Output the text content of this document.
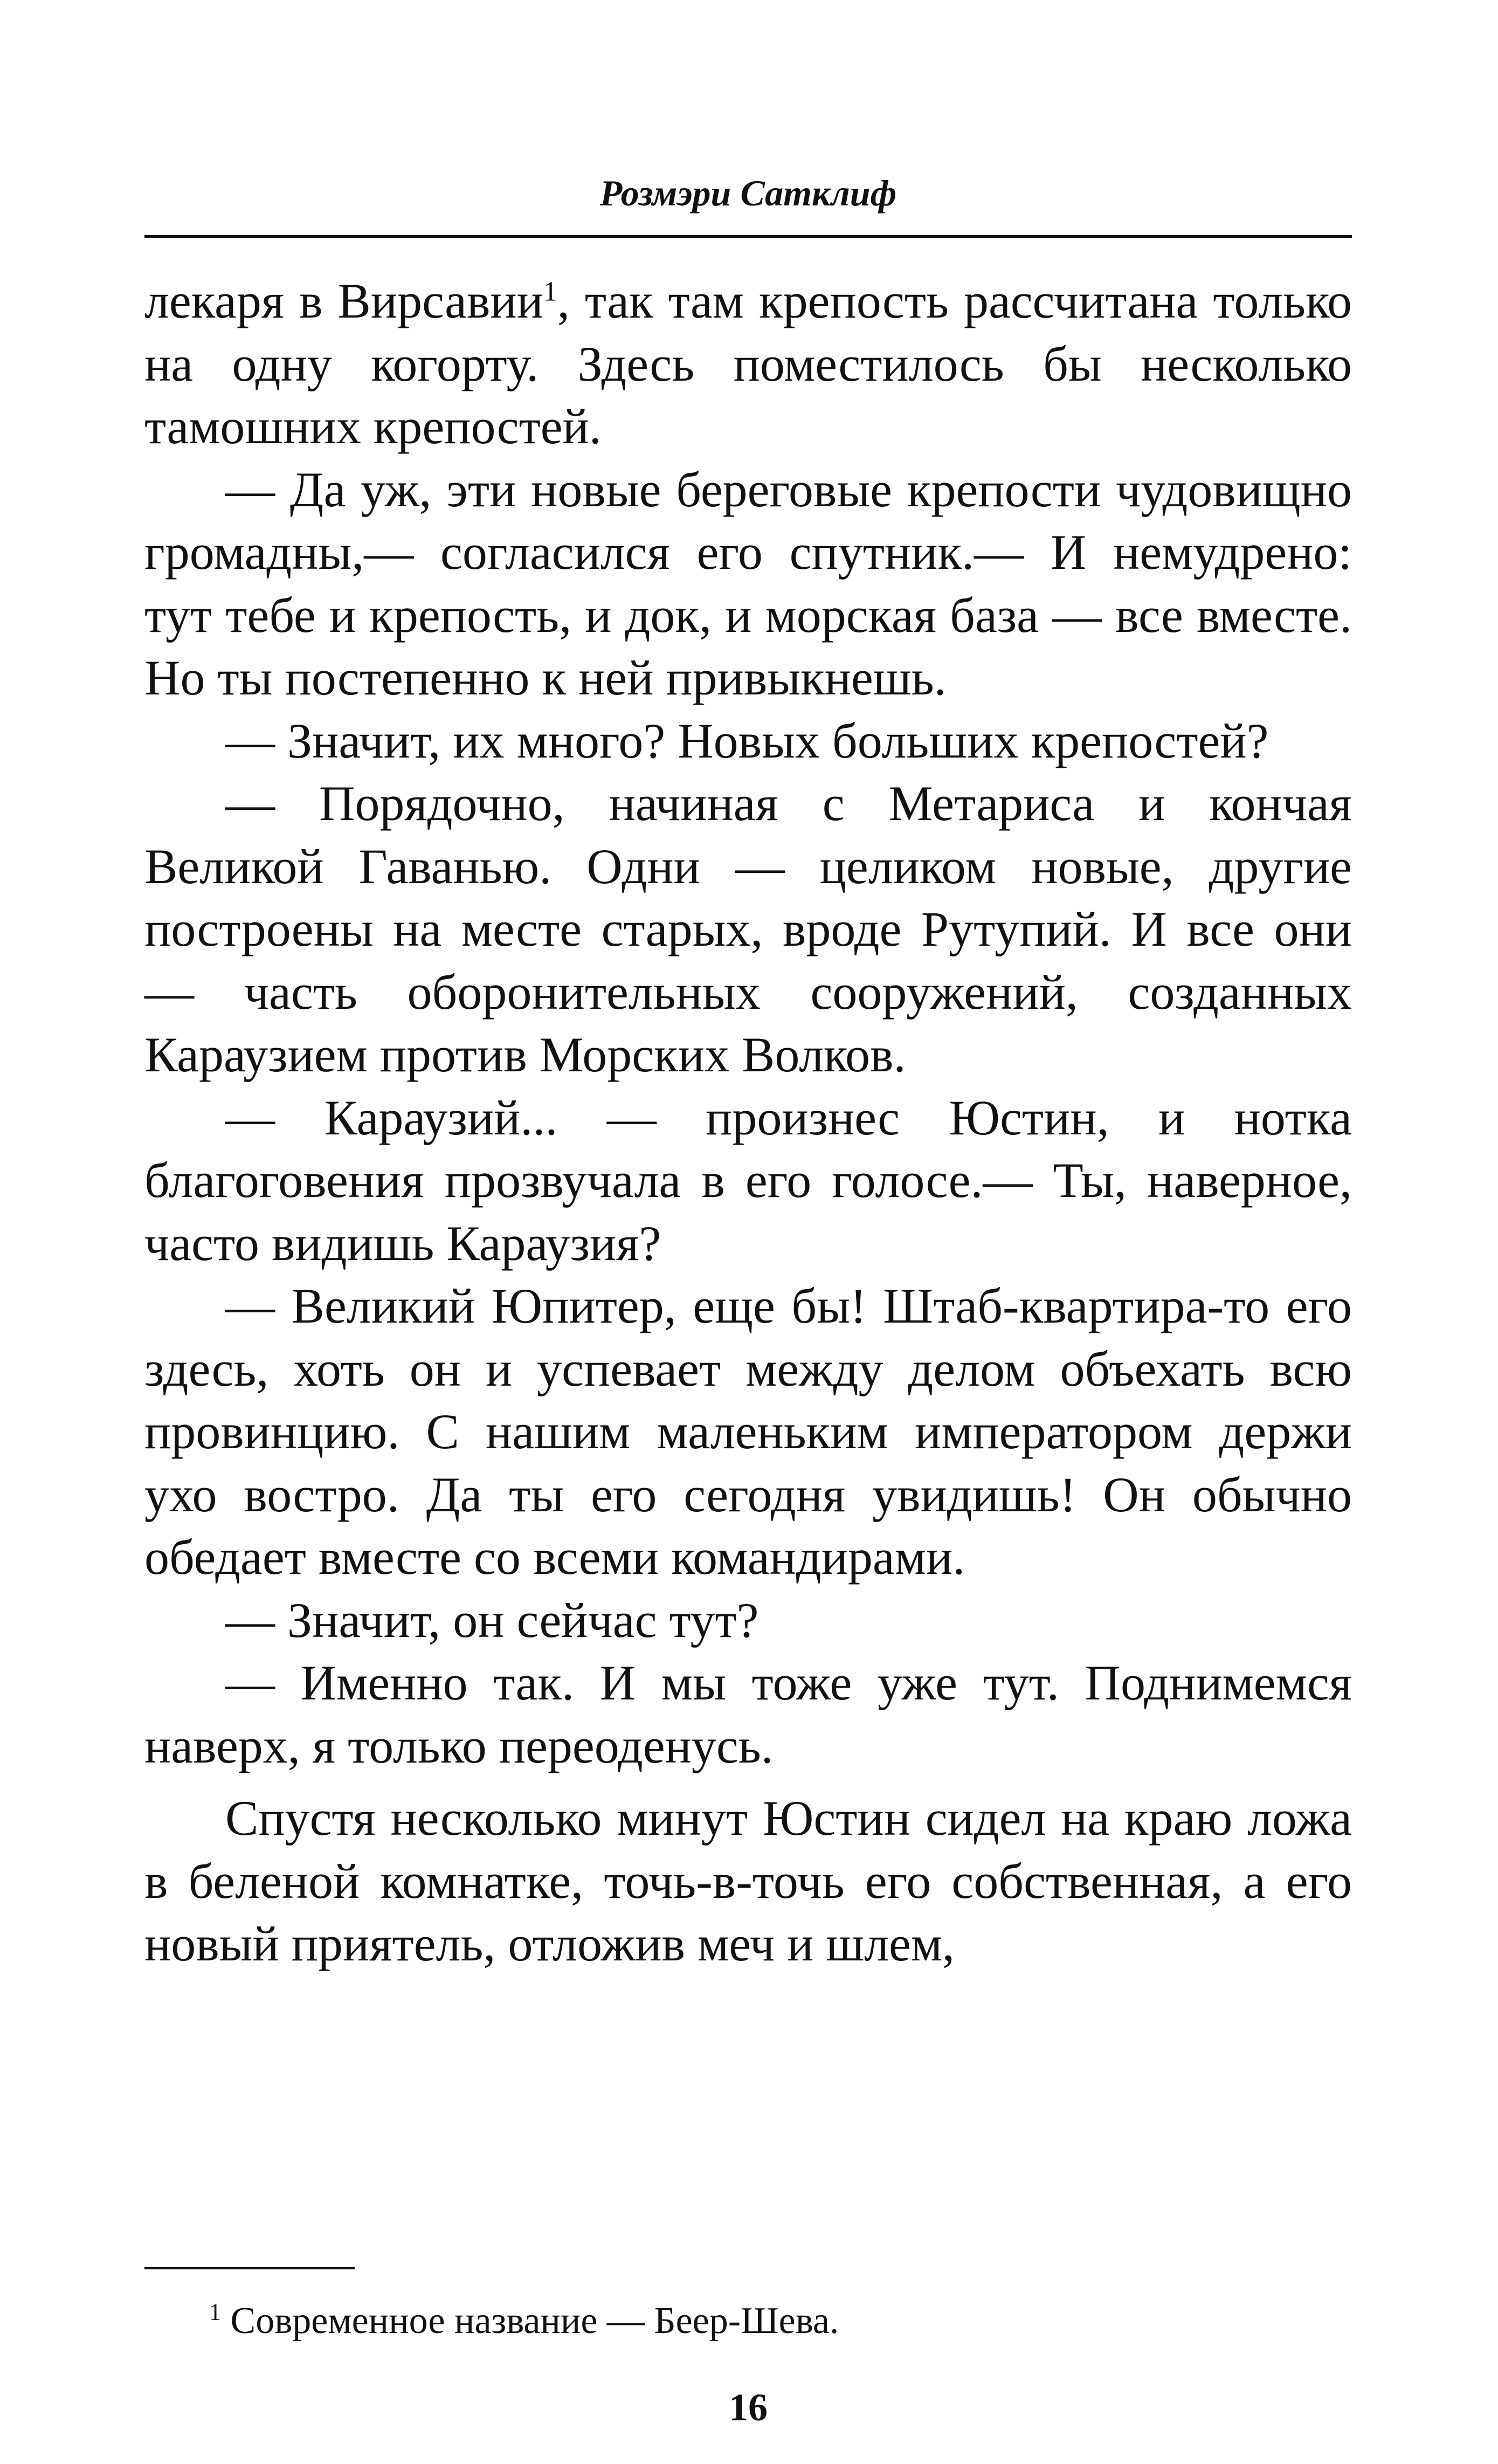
Розмэри Сатклиф

лекаря в Вирсавии$^1$, так там крепость рассчитана только на одну когорту. Здесь поместилось бы несколько тамошних крепостей.

— Да уж, эти новые береговые крепости чудовищно громадны,— согласился его спутник.— И немудрено: тут тебе и крепость, и док, и морская база — все вместе. Но ты постепенно к ней привыкнешь.

— Значит, их много? Новых больших крепостей?

— Порядочно, начиная с Метариса и кончая Великой Гаванью. Одни — целиком новые, другие построены на месте старых, вроде Рутупий. И все они — часть оборонительных сооружений, созданных Караузием против Морских Волков.

— Караузий... — произнес Юстин, и нотка благоговения прозвучала в его голосе.— Ты, наверное, часто видишь Караузия?

— Великий Юпитер, еще бы! Штаб-квартира-то его здесь, хоть он и успевает между делом объехать всю провинцию. С нашим маленьким императором держи ухо востро. Да ты его сегодня увидишь! Он обычно обедает вместе со всеми командирами.

— Значит, он сейчас тут?

— Именно так. И мы тоже уже тут. Поднимемся наверх, я только переоденусь.

Спустя несколько минут Юстин сидел на краю ложа в беленой комнатке, точь-в-точь его собственная, а его новый приятель, отложив меч и шлем,

$^1$ Современное название — Беер-Шева.

16
